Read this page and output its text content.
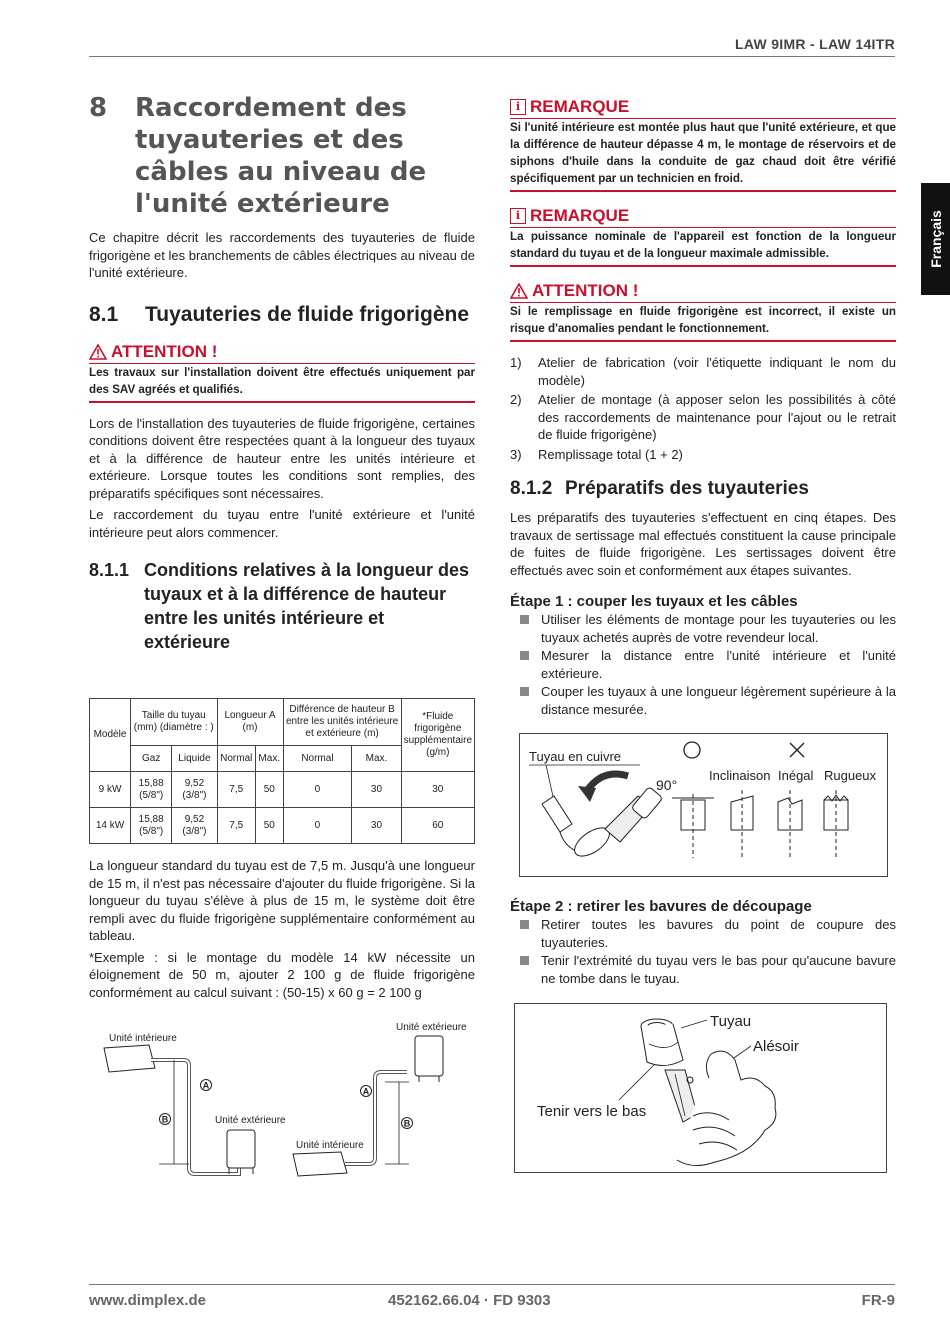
LAW 9IMR - LAW 14ITR
Français
8	Raccordement des tuyauteries et des câbles au niveau de l'unité extérieure

Ce chapitre décrit les raccordements des tuyauteries de fluide frigorigène et les branchements de câbles électriques au niveau de l'unité extérieure.

8.1	Tuyauteries de fluide frigorigène
ATTENTION !
Les travaux sur l'installation doivent être effectués uniquement par des SAV agréés et qualifiés.

Lors de l'installation des tuyauteries de fluide frigorigène, certaines conditions doivent être respectées quant à la longueur des tuyaux et à la différence de hauteur entre les unités intérieure et extérieure. Lorsque toutes les conditions sont remplies, des préparatifs spécifiques sont nécessaires.

Le raccordement du tuyau entre l'unité extérieure et l'unité intérieure peut alors commencer.

8.1.1 Conditions relatives à la longueur des tuyaux et à la différence de hauteur entre les unités intérieure et extérieure
Modèle	Taille du tuyau (mm) (diamètre : )		Longueur A (m)		Différence de hauteur B entre les unités intérieure et extérieure (m)		*Fluide frigorigène supplémentaire (g/m)
	Gaz	Liquide	Normal	Max.	Normal	Max.	
9 kW	15,88 (5/8")	9,52 (3/8")	7,5	50	0	30	30
14 kW	15,88 (5/8")	9,52 (3/8")	7,5	50	0	30	60

La longueur standard du tuyau est de 7,5 m. Jusqu'à une longueur de 15 m, il n'est pas nécessaire d'ajouter du fluide frigorigène. Si la longueur du tuyau s'élève à plus de 15 m, le système doit être rempli avec du fluide frigorigène supplémentaire conformément au tableau.

*Exemple : si le montage du modèle 14 kW nécessite un éloignement de 50 m, ajouter 2 100 g de fluide frigorigène conformément au calcul suivant : (50-15) x 60 g = 2 100 g

Unité intérieure
Unité extérieure
A
B
Unité extérieure
Unité intérieure
A
B
i REMARQUE
Si l'unité intérieure est montée plus haut que l'unité extérieure, et que la différence de hauteur dépasse 4 m, le montage de réservoirs et de siphons d'huile dans la conduite de gaz chaud doit être vérifié spécifiquement par un technicien en froid.
i REMARQUE
La puissance nominale de l'appareil est fonction de la longueur standard du tuyau et de la longueur maximale admissible.
ATTENTION !
Si le remplissage en fluide frigorigène est incorrect, il existe un risque d'anomalies pendant le fonctionnement.
1)	Atelier de fabrication (voir l'étiquette indiquant le nom du modèle)
2)	Atelier de montage (à apposer selon les possibilités à côté des raccordements de maintenance pour l'ajout ou le retrait de fluide frigorigène)
3)	Remplissage total (1 + 2)
8.1.2 Préparatifs des tuyauteries

Les préparatifs des tuyauteries s'effectuent en cinq étapes. Des travaux de sertissage mal effectués constituent la cause principale de fuites de fluide frigorigène. Les sertissages doivent être effectués avec soin et conformément aux étapes suivantes.

Étape 1 : couper les tuyaux et les câbles
Utiliser les éléments de montage pour les tuyauteries ou les tuyaux achetés auprès de votre revendeur local.
Mesurer la distance entre l'unité intérieure et l'unité extérieure.
Couper les tuyaux à une longueur légèrement supérieure à la distance mesurée.
Tuyau en cuivre
90°
Inclinaison Inégal Rugueux
Étape 2 : retirer les bavures de découpage
Retirer toutes les bavures du point de coupure des tuyauteries.
Tenir l'extrémité du tuyau vers le bas pour qu'aucune bavure ne tombe dans le tuyau.
Tuyau
Alésoir
Tenir vers le bas
www.dimplex.de	452162.66.04 · FD 9303	FR-9
